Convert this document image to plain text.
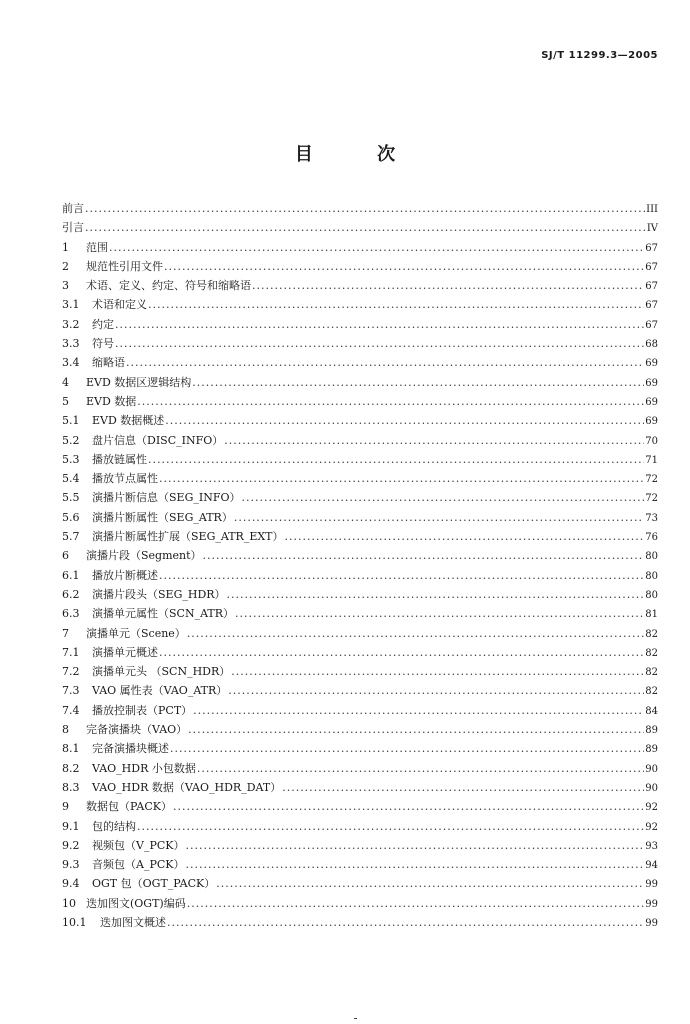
SJ/T 11299.3—2005
目 次
前言 .....	III
引言 .....	IV
1	范围 .....	67
2	规范性引用文件 .....	67
3	术语、定义、约定、符号和缩略语 .....	67
3.1	术语和定义 .....	67
3.2	约定 .....	67
3.3	符号 .....	68
3.4	缩略语 .....	69
4	EVD 数据区逻辑结构 .....	69
5	EVD 数据 .....	69
5.1	EVD 数据概述 .....	69
5.2	盘片信息（DISC_INFO） .....	70
5.3	播放链属性 .....	71
5.4	播放节点属性 .....	72
5.5	演播片断信息（SEG_INFO） .....	72
5.6	演播片断属性（SEG_ATR） .....	73
5.7	演播片断属性扩展（SEG_ATR_EXT） .....	76
6	演播片段（Segment） .....	80
6.1	播放片断概述 .....	80
6.2	演播片段头（SEG_HDR） .....	80
6.3	演播单元属性（SCN_ATR） .....	81
7	演播单元（Scene） .....	82
7.1	演播单元概述 .....	82
7.2	演播单元头 （SCN_HDR） .....	82
7.3	VAO 属性表（VAO_ATR） .....	82
7.4	播放控制表（PCT） .....	84
8	完备演播块（VAO） .....	89
8.1	完备演播块概述 .....	89
8.2	VAO_HDR 小包数据 .....	90
8.3	VAO_HDR 数据（VAO_HDR_DAT） .....	90
9	数据包（PACK） .....	92
9.1	包的结构 .....	92
9.2	视频包（V_PCK） .....	93
9.3	音频包（A_PCK） .....	94
9.4	OGT 包（OGT_PACK） .....	99
10 迭加图文(OGT)编码 .....	99
10.1	迭加图文概述 .....	99
